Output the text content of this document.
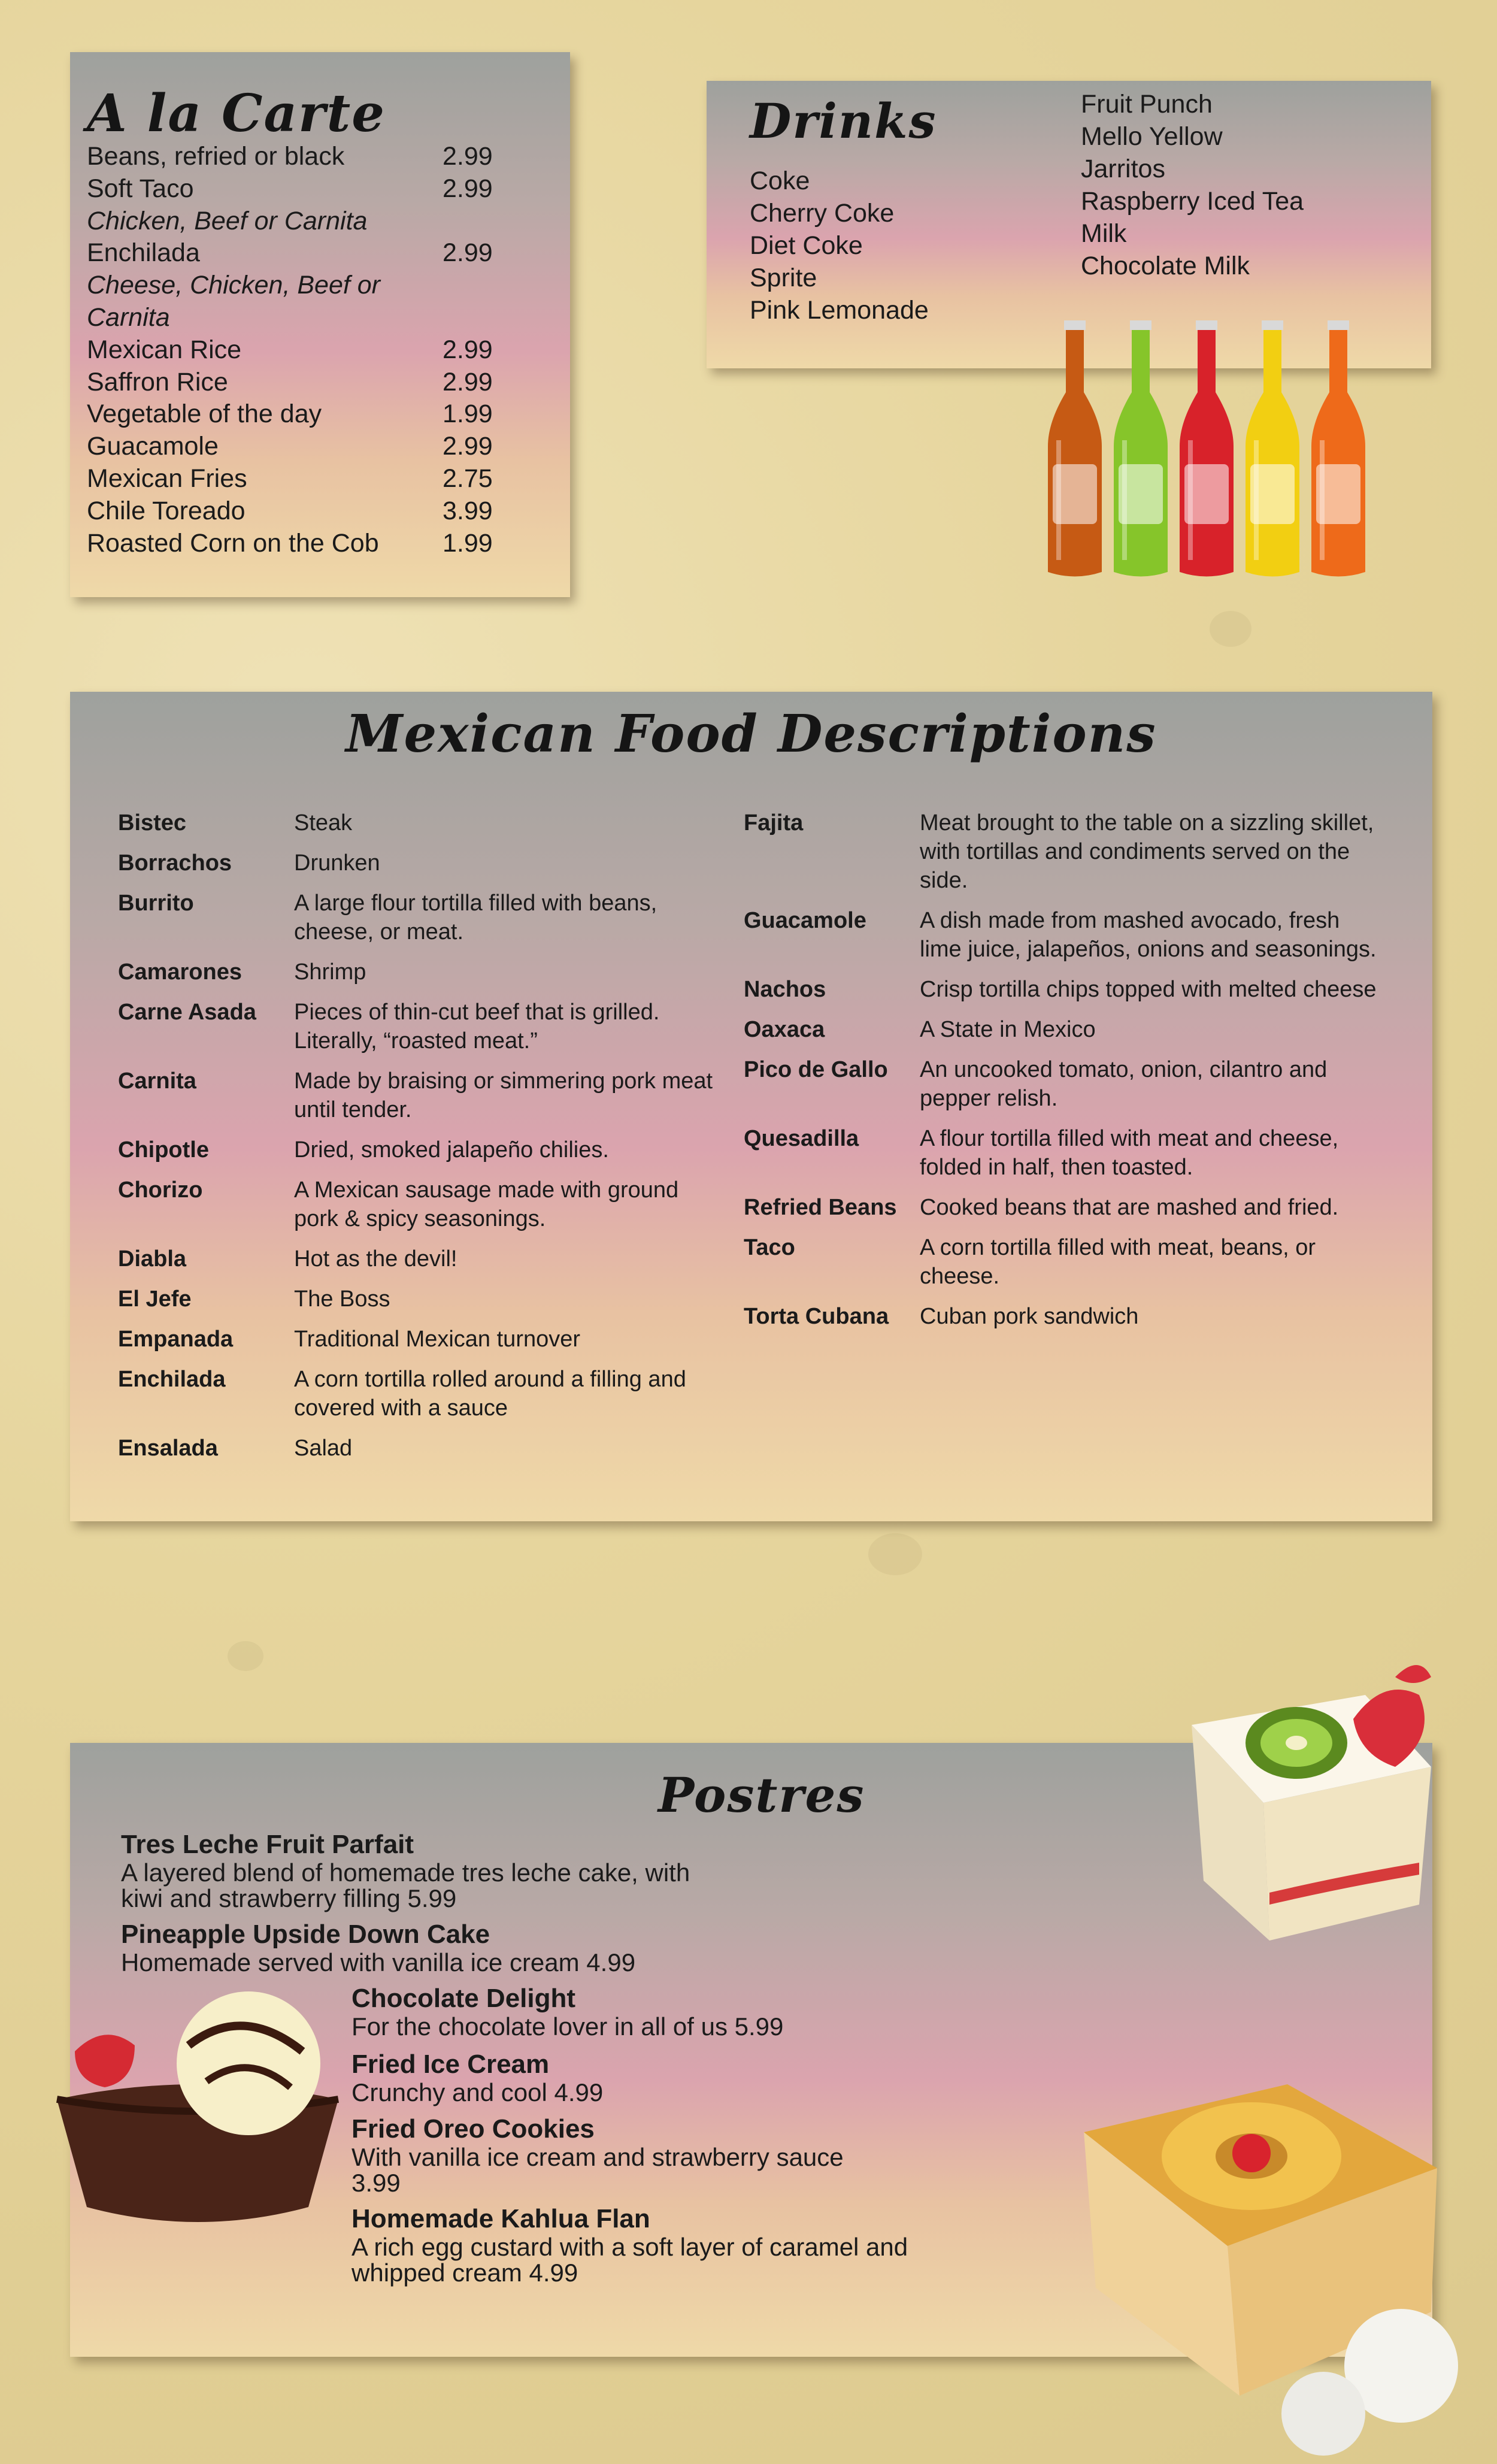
A la Carte
Beans, refried or black	2.99
Soft Taco	2.99
Chicken, Beef or Carnita
Enchilada	2.99
Cheese, Chicken, Beef or Carnita
Mexican Rice	2.99
Saffron Rice	2.99
Vegetable of the day	1.99
Guacamole	2.99
Mexican Fries	2.75
Chile Toreado	3.99
Roasted Corn on the Cob 1.99
Drinks
Coke
Cherry Coke
Diet Coke
Sprite
Pink Lemonade
Fruit Punch
Mello Yellow
Jarritos
Raspberry Iced Tea
Milk
Chocolate Milk
Mexican Food Descriptions
Bistec	Steak
Borrachos	Drunken
Burrito	A large flour tortilla filled with beans, cheese, or meat.
Camarones	Shrimp
Carne Asada	Pieces of thin-cut beef that is grilled. Literally, “roasted meat.”
Carnita	Made by braising or simmering pork meat until tender.
Chipotle	Dried, smoked jalapeño chilies.
Chorizo	A Mexican sausage made with ground pork & spicy seasonings.
Diabla	Hot as the devil!
El Jefe	The Boss
Empanada	Traditional Mexican turnover
Enchilada	A corn tortilla rolled around a filling and covered with a sauce
Ensalada	Salad
Fajita	Meat brought to the table on a sizzling skillet, with tortillas and condiments served on the side.
Guacamole	A dish made from mashed avocado, fresh lime juice, jalapeños, onions and seasonings.
Nachos	Crisp tortilla chips topped with melted cheese
Oaxaca	A State in Mexico
Pico de Gallo	An uncooked tomato, onion, cilantro and pepper relish.
Quesadilla	A flour tortilla filled with meat and cheese, folded in half, then toasted.
Refried Beans	Cooked beans that are mashed and fried.
Taco	A corn tortilla filled with meat, beans, or cheese.
Torta Cubana	Cuban pork sandwich
Postres
Tres Leche Fruit Parfait
A layered blend of homemade tres leche cake, with kiwi and strawberry filling 5.99
Pineapple Upside Down Cake
Homemade served with vanilla ice cream 4.99
Chocolate Delight
For the chocolate lover in all of us 5.99
Fried Ice Cream
Crunchy and cool 4.99
Fried Oreo Cookies
With vanilla ice cream and strawberry sauce 3.99
Homemade Kahlua Flan
A rich egg custard with a soft layer of caramel and whipped cream 4.99
